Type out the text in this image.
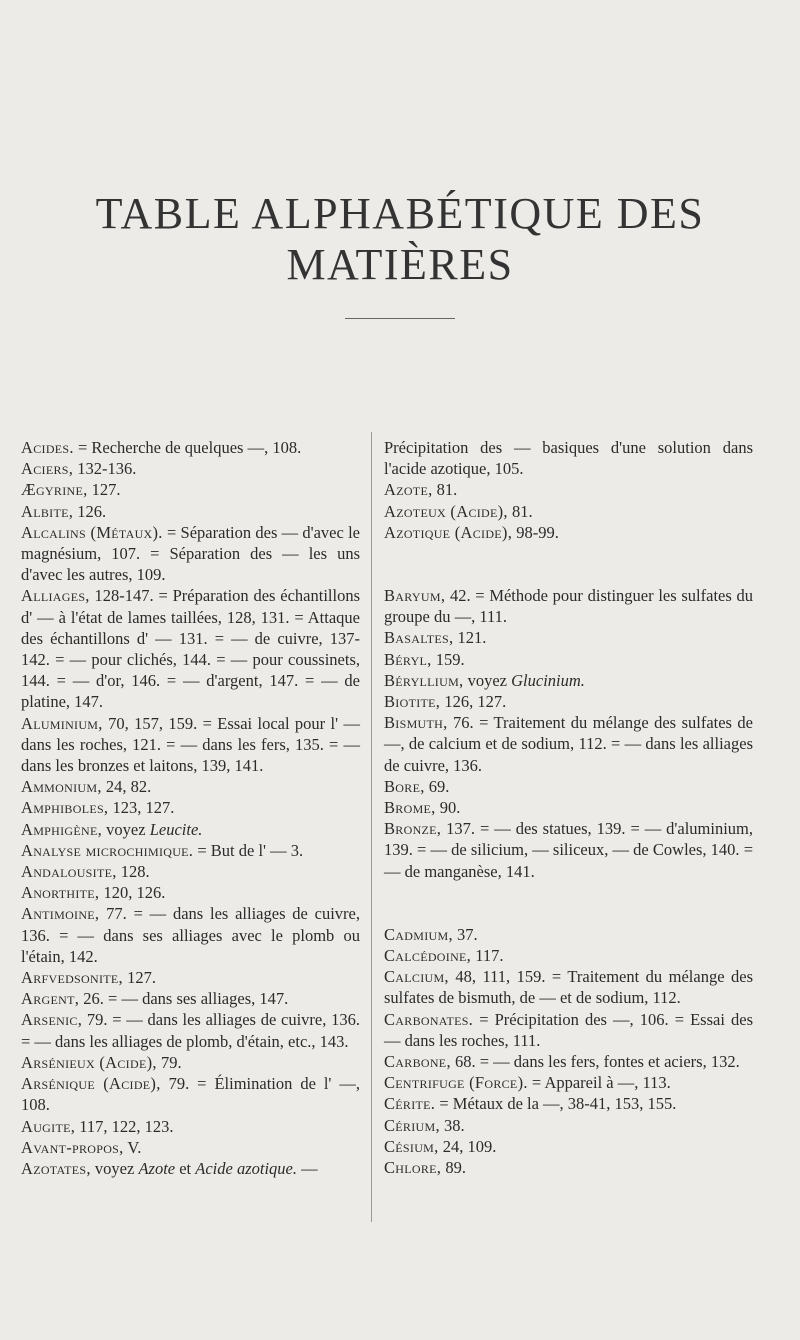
TABLE ALPHABÉTIQUE DES MATIÈRES

Acides. = Recherche de quelques —, 108.

Aciers, 132-136.

Ægyrine, 127.

Albite, 126.

Alcalins (Métaux). = Séparation des — d'avec le magnésium, 107. = Séparation des — les uns d'avec les autres, 109.

Alliages, 128-147. = Préparation des échantillons d' — à l'état de lames taillées, 128, 131. = Attaque des échantillons d' — 131. = — de cuivre, 137-142. = — pour clichés, 144. = — pour coussinets, 144. = — d'or, 146. = — d'argent, 147. = — de platine, 147.

Aluminium, 70, 157, 159. = Essai local pour l' — dans les roches, 121. = — dans les fers, 135. = — dans les bronzes et laitons, 139, 141.

Ammonium, 24, 82.

Amphiboles, 123, 127.

Amphigène, voyez Leucite.

Analyse microchimique. = But de l' — 3.

Andalousite, 128.

Anorthite, 120, 126.

Antimoine, 77. = — dans les alliages de cuivre, 136. = — dans ses alliages avec le plomb ou l'étain, 142.

Arfvedsonite, 127.

Argent, 26. = — dans ses alliages, 147.

Arsenic, 79. = — dans les alliages de cuivre, 136. = — dans les alliages de plomb, d'étain, etc., 143.

Arsénieux (Acide), 79.

Arsénique (Acide), 79. = Élimination de l' —, 108.

Augite, 117, 122, 123.

Avant-propos, V.

Azotates, voyez Azote et Acide azotique. —

Précipitation des — basiques d'une solution dans l'acide azotique, 105.

Azote, 81.

Azoteux (Acide), 81.

Azotique (Acide), 98-99.

Baryum, 42. = Méthode pour distinguer les sulfates du groupe du —, 111.

Basaltes, 121.

Béryl, 159.

Béryllium, voyez Glucinium.

Biotite, 126, 127.

Bismuth, 76. = Traitement du mélange des sulfates de —, de calcium et de sodium, 112. = — dans les alliages de cuivre, 136.

Bore, 69.

Brome, 90.

Bronze, 137. = — des statues, 139. = — d'aluminium, 139. = — de silicium, — siliceux, — de Cowles, 140. = — de manganèse, 141.

Cadmium, 37.

Calcédoine, 117.

Calcium, 48, 111, 159. = Traitement du mélange des sulfates de bismuth, de — et de sodium, 112.

Carbonates. = Précipitation des —, 106. = Essai des — dans les roches, 111.

Carbone, 68. = — dans les fers, fontes et aciers, 132.

Centrifuge (Force). = Appareil à —, 113.

Cérite. = Métaux de la —, 38-41, 153, 155.

Cérium, 38.

Césium, 24, 109.

Chlore, 89.
